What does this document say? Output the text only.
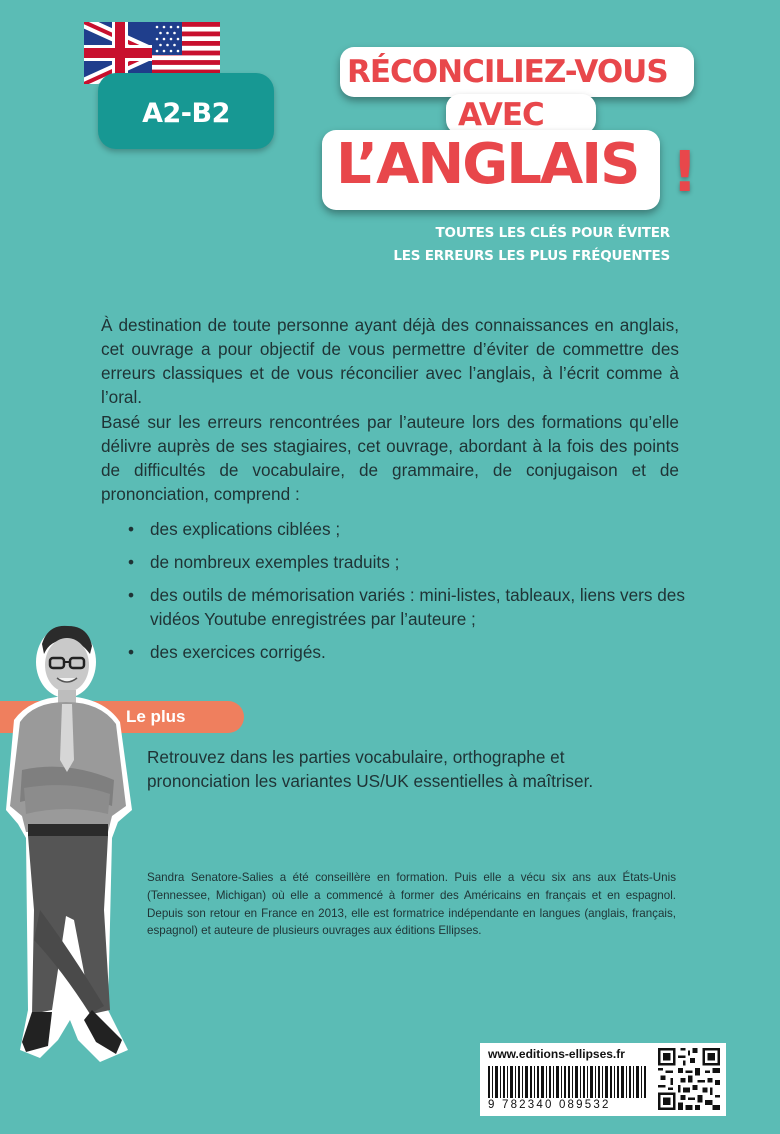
A2-B2
RÉCONCILIEZ-VOUS
AVEC
L’ANGLAIS !
TOUTES LES CLÉS POUR ÉVITER
LES ERREURS LES PLUS FRÉQUENTES
À destination de toute personne ayant déjà des connaissances en anglais, cet ouvrage a pour objectif de vous permettre d’éviter de commettre des erreurs classiques et de vous réconcilier avec l’anglais, à l’écrit comme à l’oral.
Basé sur les erreurs rencontrées par l’auteure lors des formations qu’elle délivre auprès de ses stagiaires, cet ouvrage, abordant à la fois des points de difficultés de vocabulaire, de grammaire, de conjugaison et de prononciation, comprend :
• des explications ciblées ;
• de nombreux exemples traduits ;
• des outils de mémorisation variés : mini-listes, tableaux, liens vers des vidéos Youtube enregistrées par l’auteure ;
• des exercices corrigés.
Le plus
Retrouvez dans les parties vocabulaire, orthographe et prononciation les variantes US/UK essentielles à maîtriser.
Sandra Senatore-Salies a été conseillère en formation. Puis elle a vécu six ans aux États-Unis (Tennessee, Michigan) où elle a commencé à former des Américains en français et en espagnol. Depuis son retour en France en 2013, elle est formatrice indépendante en langues (anglais, français, espagnol) et auteure de plusieurs ouvrages aux éditions Ellipses.
www.editions-ellipses.fr
9 782340 089532
